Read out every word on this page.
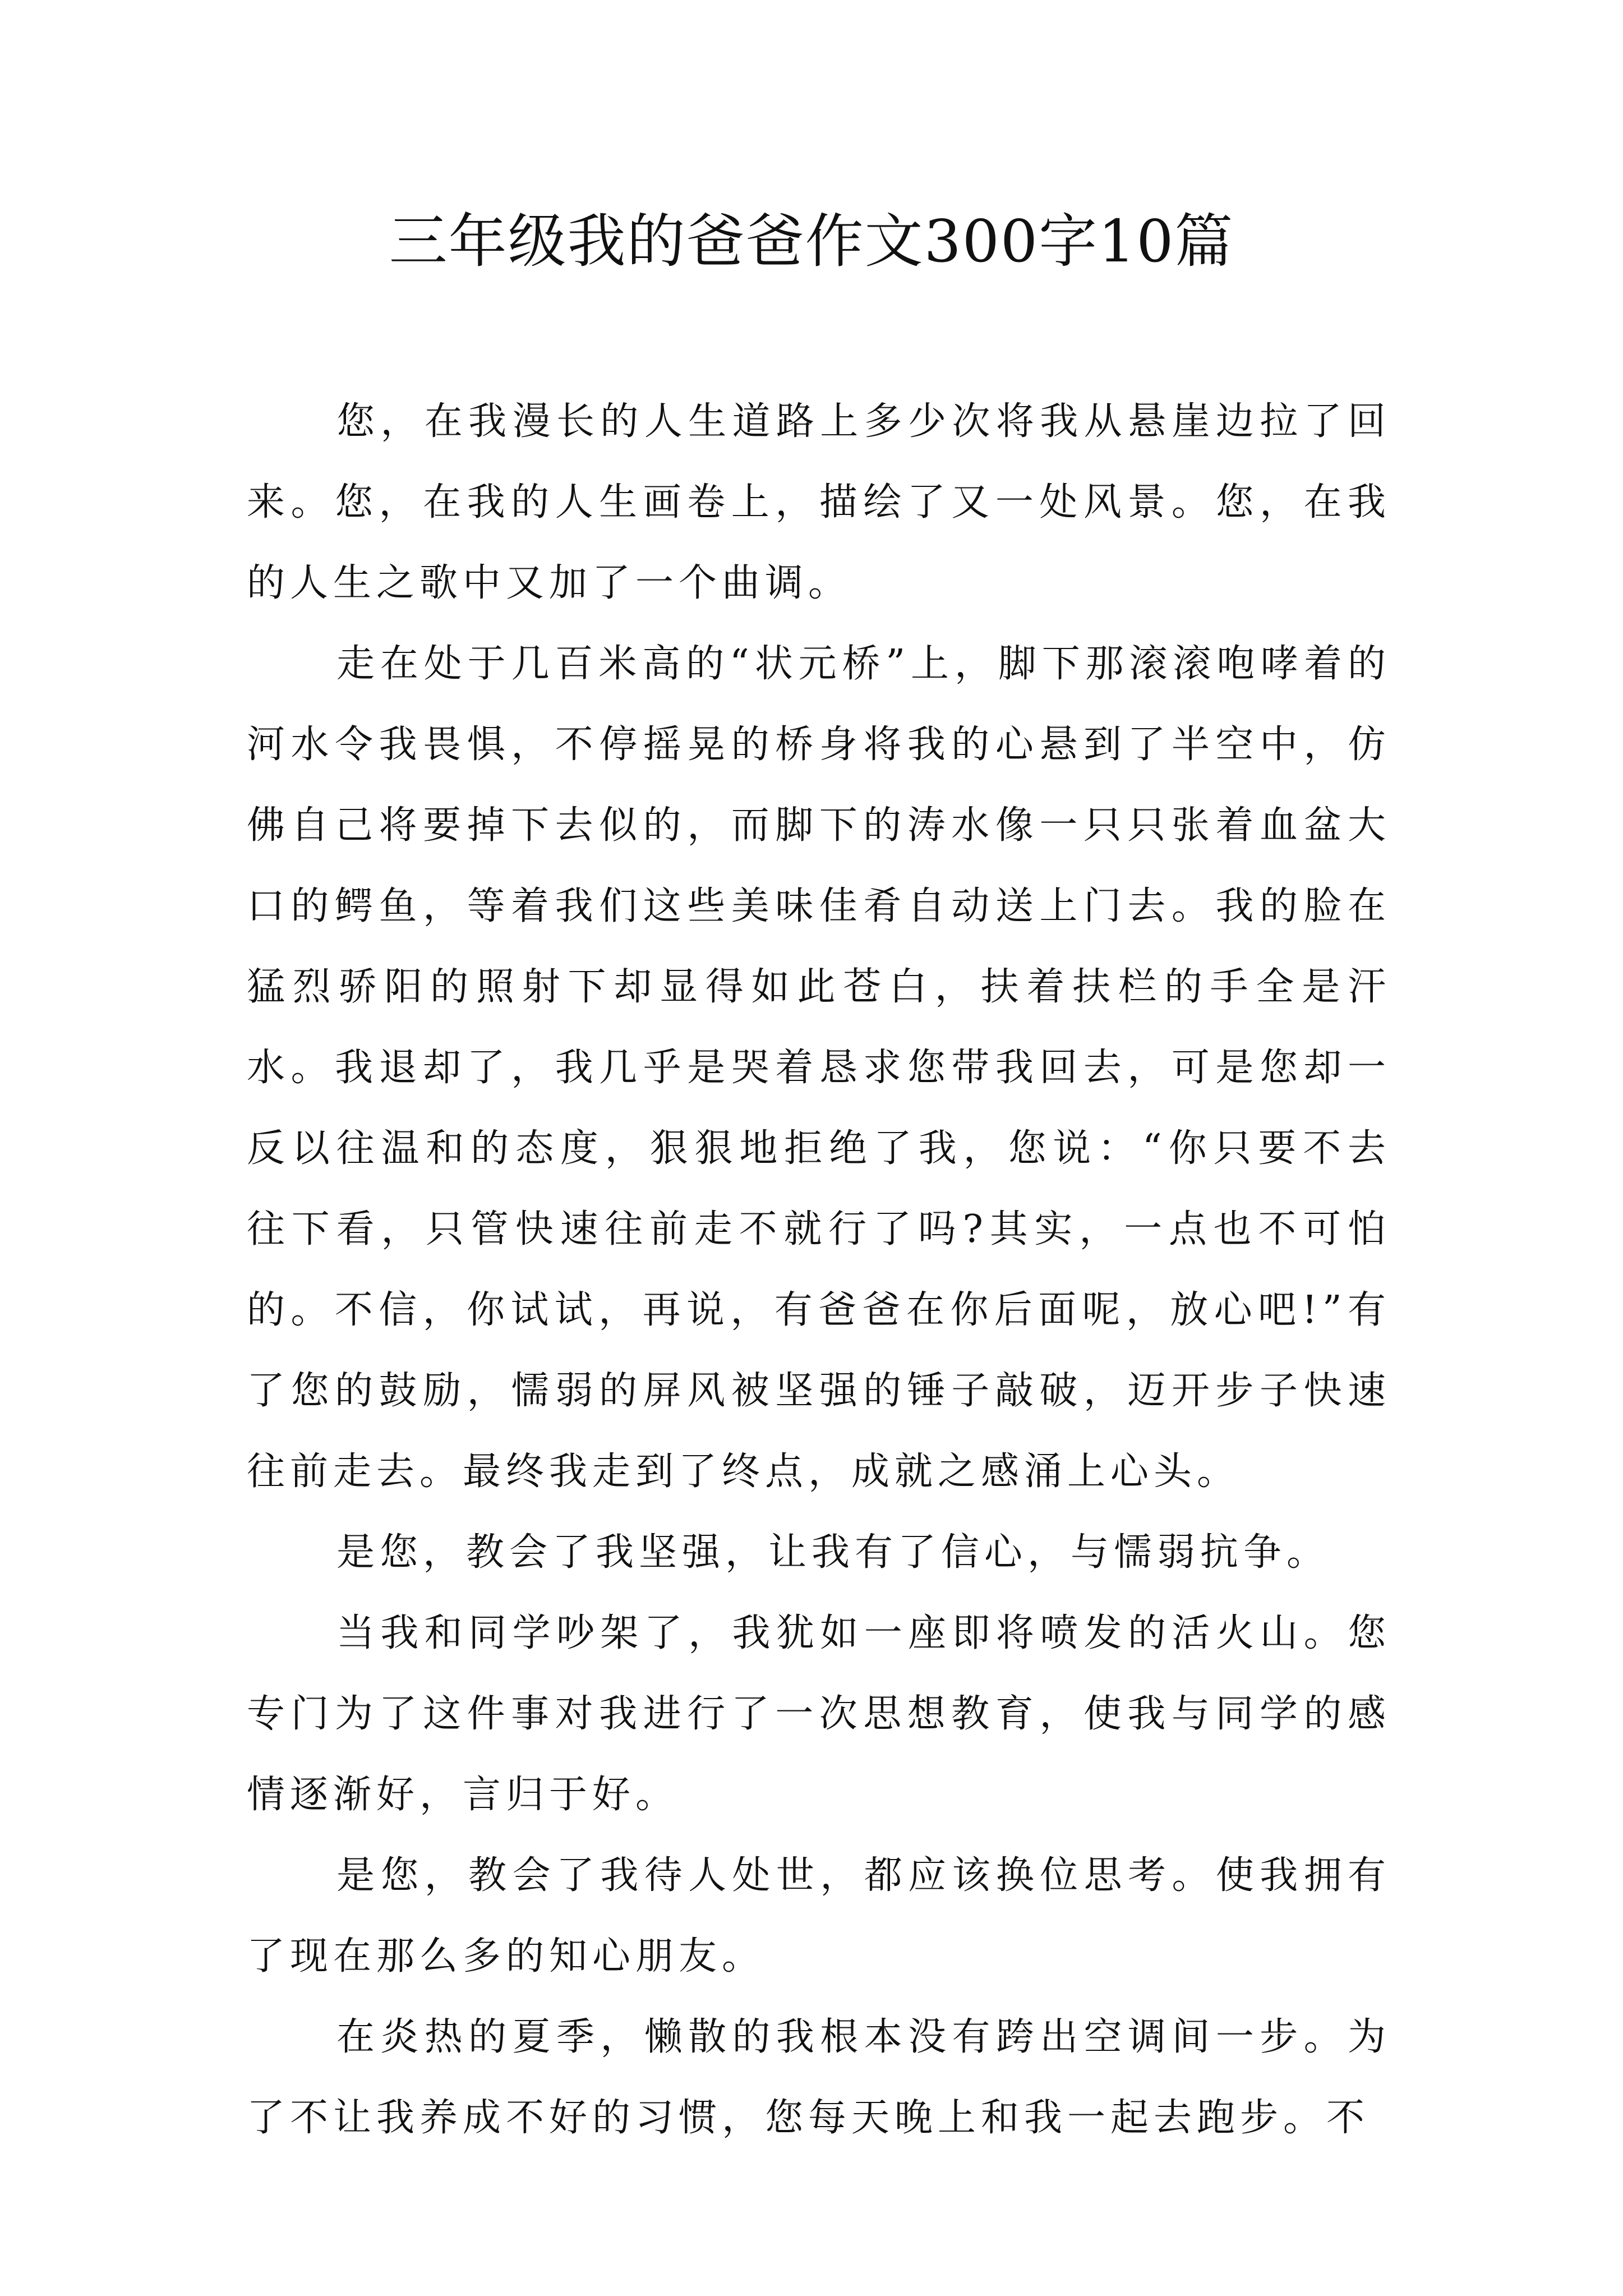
三年级我的爸爸作文300字10篇

您，在我漫长的人生道路上多少次将我从悬崖边拉了回来。您，在我的人生画卷上，描绘了又一处风景。您，在我的人生之歌中又加了一个曲调。

走在处于几百米高的“状元桥”上，脚下那滚滚咆哮着的河水令我畏惧，不停摇晃的桥身将我的心悬到了半空中，仿佛自己将要掉下去似的，而脚下的涛水像一只只张着血盆大口的鳄鱼，等着我们这些美味佳肴自动送上门去。我的脸在猛烈骄阳的照射下却显得如此苍白，扶着扶栏的手全是汗水。我退却了，我几乎是哭着恳求您带我回去，可是您却一反以往温和的态度，狠狠地拒绝了我，您说：“你只要不去往下看，只管快速往前走不就行了吗?其实，一点也不可怕的。不信，你试试，再说，有爸爸在你后面呢，放心吧!”有了您的鼓励，懦弱的屏风被坚强的锤子敲破，迈开步子快速往前走去。最终我走到了终点，成就之感涌上心头。

是您，教会了我坚强，让我有了信心，与懦弱抗争。

当我和同学吵架了，我犹如一座即将喷发的活火山。您专门为了这件事对我进行了一次思想教育，使我与同学的感情逐渐好，言归于好。

是您，教会了我待人处世，都应该换位思考。使我拥有了现在那么多的知心朋友。

在炎热的夏季，懒散的我根本没有跨出空调间一步。为了不让我养成不好的习惯，您每天晚上和我一起去跑步。不
